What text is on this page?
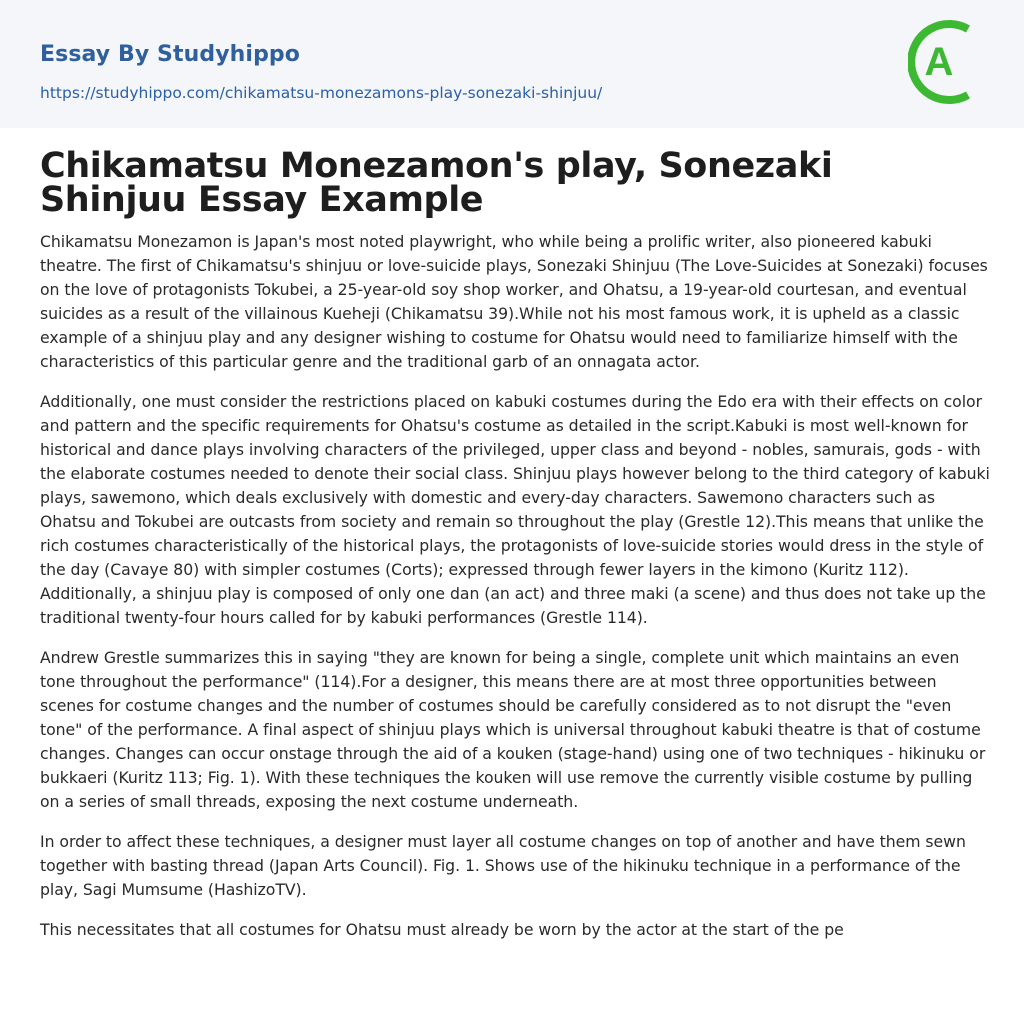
Essay By Studyhippo
https://studyhippo.com/chikamatsu-monezamons-play-sonezaki-shinjuu/
A
Chikamatsu Monezamon's play, Sonezaki Shinjuu Essay Example

Chikamatsu Monezamon is Japan's most noted playwright, who while being a prolific writer, also pioneered kabuki theatre. The first of Chikamatsu's shinjuu or love-suicide plays, Sonezaki Shinjuu (The Love-Suicides at Sonezaki) focuses on the love of protagonists Tokubei, a 25-year-old soy shop worker, and Ohatsu, a 19-year-old courtesan, and eventual suicides as a result of the villainous Kueheji (Chikamatsu 39).While not his most famous work, it is upheld as a classic example of a shinjuu play and any designer wishing to costume for Ohatsu would need to familiarize himself with the characteristics of this particular genre and the traditional garb of an onnagata actor.

Additionally, one must consider the restrictions placed on kabuki costumes during the Edo era with their effects on color and pattern and the specific requirements for Ohatsu's costume as detailed in the script.Kabuki is most well-known for historical and dance plays involving characters of the privileged, upper class and beyond - nobles, samurais, gods - with the elaborate costumes needed to denote their social class. Shinjuu plays however belong to the third category of kabuki plays, sawemono, which deals exclusively with domestic and every-day characters. Sawemono characters such as Ohatsu and Tokubei are outcasts from society and remain so throughout the play (Grestle 12).This means that unlike the rich costumes characteristically of the historical plays, the protagonists of love-suicide stories would dress in the style of the day (Cavaye 80) with simpler costumes (Corts); expressed through fewer layers in the kimono (Kuritz 112). Additionally, a shinjuu play is composed of only one dan (an act) and three maki (a scene) and thus does not take up the traditional twenty-four hours called for by kabuki performances (Grestle 114).

Andrew Grestle summarizes this in saying "they are known for being a single, complete unit which maintains an even tone throughout the performance" (114).For a designer, this means there are at most three opportunities between scenes for costume changes and the number of costumes should be carefully considered as to not disrupt the "even tone" of the performance. A final aspect of shinjuu plays which is universal throughout kabuki theatre is that of costume changes. Changes can occur onstage through the aid of a kouken (stage-hand) using one of two techniques - hikinuku or bukkaeri (Kuritz 113; Fig. 1). With these techniques the kouken will use remove the currently visible costume by pulling on a series of small threads, exposing the next costume underneath.

In order to affect these techniques, a designer must layer all costume changes on top of another and have them sewn together with basting thread (Japan Arts Council). Fig. 1. Shows use of the hikinuku technique in a performance of the play, Sagi Mumsume (HashizoTV).

This necessitates that all costumes for Ohatsu must already be worn by the actor at the start of the pe
